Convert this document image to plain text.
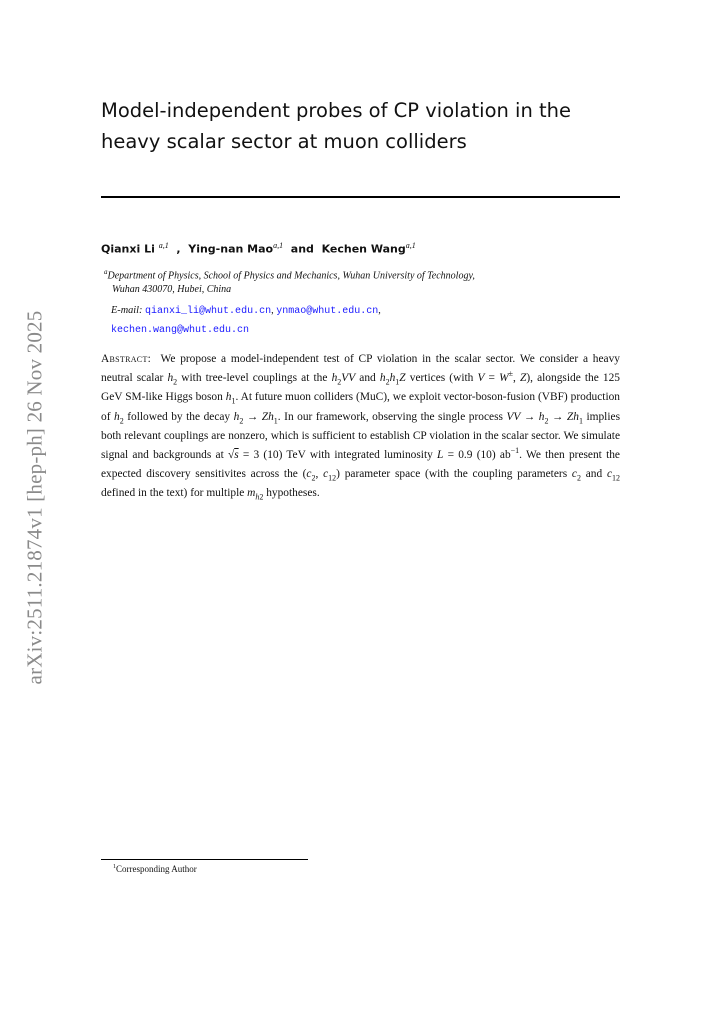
arXiv:2511.21874v1 [hep-ph] 26 Nov 2025
Model-independent probes of CP violation in the
heavy scalar sector at muon colliders
Qianxi Li $^{a,1}$  ,  Ying-nan Mao$^{a,1}$  and  Kechen Wang$^{a,1}$
$^a$Department of Physics, School of Physics and Mechanics, Wuhan University of Technology,
Wuhan 430070, Hubei, China
E-mail: qianxi_li@whut.edu.cn, ynmao@whut.edu.cn,
kechen.wang@whut.edu.cn

Abstract:  We propose a model-independent test of CP violation in the scalar sector. We consider a heavy neutral scalar $h_2$ with tree-level couplings at the $h_2VV$ and $h_2h_1Z$ vertices (with V = W±, Z), alongside the 125 GeV SM-like Higgs boson $h_1$. At future muon colliders (MuC), we exploit vector-boson-fusion (VBF) production of $h_2$ followed by the decay $h_2 \to Zh_1$. In our framework, observing the single process VV → $h_2 \to Zh_1$ implies both relevant couplings are nonzero, which is sufficient to establish CP violation in the scalar sector. We simulate signal and backgrounds at √s = 3 (10) TeV with integrated luminosity L = 0.9 (10) $ab^{-1}$. We then present the expected discovery sensitivites across the ($c_2$, $c_{12}$) parameter space (with the coupling parameters $c_2$ and $c_{12}$ defined in the text) for multiple $m_{h2}$ hypotheses.

$^1$Corresponding Author
